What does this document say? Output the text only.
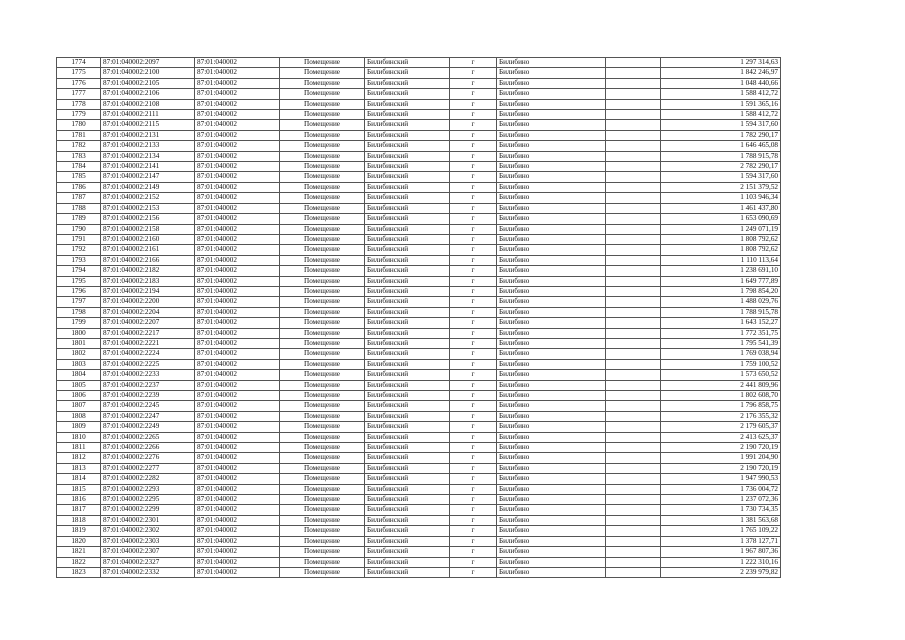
1774	87:01:040002:2097	87:01:040002	Помещение	Билибинский	г	Билибино		1 297 314,63
1775	87:01:040002:2100	87:01:040002	Помещение	Билибинский	г	Билибино		1 842 246,97
1776	87:01:040002:2105	87:01:040002	Помещение	Билибинский	г	Билибино		1 048 440,66
1777	87:01:040002:2106	87:01:040002	Помещение	Билибинский	г	Билибино		1 588 412,72
1778	87:01:040002:2108	87:01:040002	Помещение	Билибинский	г	Билибино		1 591 365,16
1779	87:01:040002:2111	87:01:040002	Помещение	Билибинский	г	Билибино		1 588 412,72
1780	87:01:040002:2115	87:01:040002	Помещение	Билибинский	г	Билибино		1 594 317,60
1781	87:01:040002:2131	87:01:040002	Помещение	Билибинский	г	Билибино		1 782 290,17
1782	87:01:040002:2133	87:01:040002	Помещение	Билибинский	г	Билибино		1 646 465,08
1783	87:01:040002:2134	87:01:040002	Помещение	Билибинский	г	Билибино		1 788 915,78
1784	87:01:040002:2141	87:01:040002	Помещение	Билибинский	г	Билибино		2 782 290,17
1785	87:01:040002:2147	87:01:040002	Помещение	Билибинский	г	Билибино		1 594 317,60
1786	87:01:040002:2149	87:01:040002	Помещение	Билибинский	г	Билибино		2 151 379,52
1787	87:01:040002:2152	87:01:040002	Помещение	Билибинский	г	Билибино		1 103 946,34
1788	87:01:040002:2153	87:01:040002	Помещение	Билибинский	г	Билибино		1 461 437,80
1789	87:01:040002:2156	87:01:040002	Помещение	Билибинский	г	Билибино		1 653 090,69
1790	87:01:040002:2158	87:01:040002	Помещение	Билибинский	г	Билибино		1 249 071,19
1791	87:01:040002:2160	87:01:040002	Помещение	Билибинский	г	Билибино		1 808 792,62
1792	87:01:040002:2161	87:01:040002	Помещение	Билибинский	г	Билибино		1 808 792,62
1793	87:01:040002:2166	87:01:040002	Помещение	Билибинский	г	Билибино		1 110 113,64
1794	87:01:040002:2182	87:01:040002	Помещение	Билибинский	г	Билибино		1 238 691,10
1795	87:01:040002:2183	87:01:040002	Помещение	Билибинский	г	Билибино		1 649 777,89
1796	87:01:040002:2194	87:01:040002	Помещение	Билибинский	г	Билибино		1 798 854,20
1797	87:01:040002:2200	87:01:040002	Помещение	Билибинский	г	Билибино		1 488 029,76
1798	87:01:040002:2204	87:01:040002	Помещение	Билибинский	г	Билибино		1 788 915,78
1799	87:01:040002:2207	87:01:040002	Помещение	Билибинский	г	Билибино		1 643 152,27
1800	87:01:040002:2217	87:01:040002	Помещение	Билибинский	г	Билибино		1 772 351,75
1801	87:01:040002:2221	87:01:040002	Помещение	Билибинский	г	Билибино		1 795 541,39
1802	87:01:040002:2224	87:01:040002	Помещение	Билибинский	г	Билибино		1 769 038,94
1803	87:01:040002:2225	87:01:040002	Помещение	Билибинский	г	Билибино		1 759 100,52
1804	87:01:040002:2233	87:01:040002	Помещение	Билибинский	г	Билибино		1 573 650,52
1805	87:01:040002:2237	87:01:040002	Помещение	Билибинский	г	Билибино		2 441 809,96
1806	87:01:040002:2239	87:01:040002	Помещение	Билибинский	г	Билибино		1 802 608,70
1807	87:01:040002:2245	87:01:040002	Помещение	Билибинский	г	Билибино		1 796 858,75
1808	87:01:040002:2247	87:01:040002	Помещение	Билибинский	г	Билибино		2 176 355,32
1809	87:01:040002:2249	87:01:040002	Помещение	Билибинский	г	Билибино		2 179 605,37
1810	87:01:040002:2265	87:01:040002	Помещение	Билибинский	г	Билибино		2 413 625,37
1811	87:01:040002:2266	87:01:040002	Помещение	Билибинский	г	Билибино		2 190 720,19
1812	87:01:040002:2276	87:01:040002	Помещение	Билибинский	г	Билибино		1 991 204,90
1813	87:01:040002:2277	87:01:040002	Помещение	Билибинский	г	Билибино		2 190 720,19
1814	87:01:040002:2282	87:01:040002	Помещение	Билибинский	г	Билибино		1 947 990,53
1815	87:01:040002:2293	87:01:040002	Помещение	Билибинский	г	Билибино		1 736 004,72
1816	87:01:040002:2295	87:01:040002	Помещение	Билибинский	г	Билибино		1 237 072,36
1817	87:01:040002:2299	87:01:040002	Помещение	Билибинский	г	Билибино		1 730 734,35
1818	87:01:040002:2301	87:01:040002	Помещение	Билибинский	г	Билибино		1 381 563,68
1819	87:01:040002:2302	87:01:040002	Помещение	Билибинский	г	Билибино		1 765 109,22
1820	87:01:040002:2303	87:01:040002	Помещение	Билибинский	г	Билибино		1 378 127,71
1821	87:01:040002:2307	87:01:040002	Помещение	Билибинский	г	Билибино		1 967 807,36
1822	87:01:040002:2327	87:01:040002	Помещение	Билибинский	г	Билибино		1 222 310,16
1823	87:01:040002:2332	87:01:040002	Помещение	Билибинский	г	Билибино		2 239 979,82
